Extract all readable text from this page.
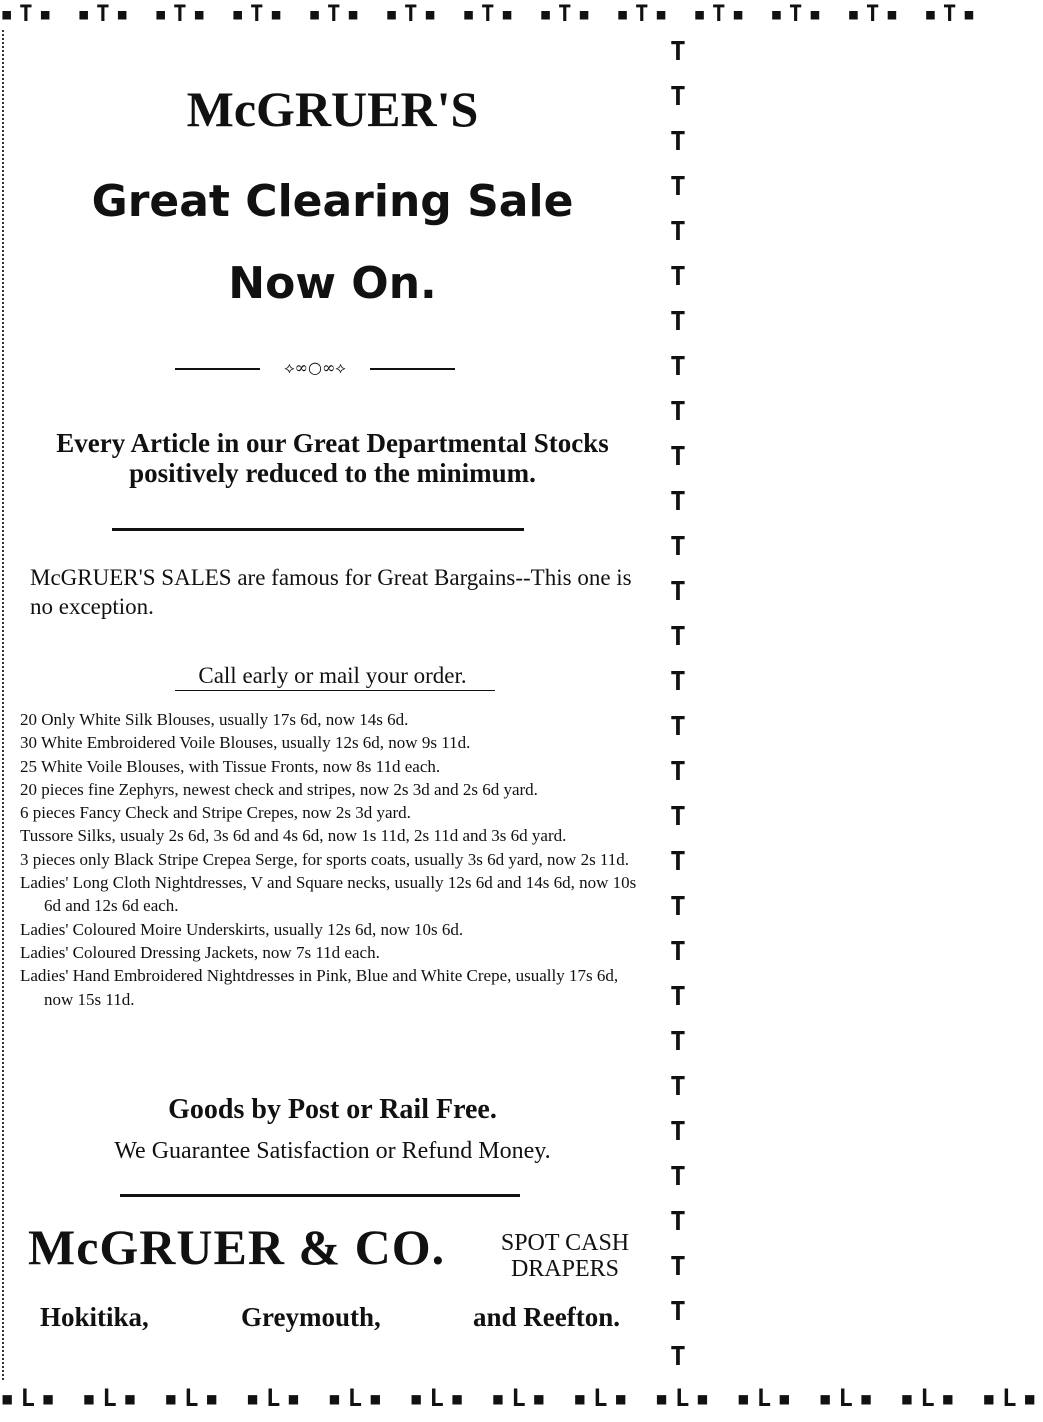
▪T▪ ▪T▪ ▪T▪ ▪T▪ ▪T▪ ▪T▪ ▪T▪ ▪T▪ ▪T▪ ▪T▪ ▪T▪ ▪T▪ ▪T▪
T T T T T T T T T T T T T T T T T T T T T T T T T T T T T T
▪L▪ ▪L▪ ▪L▪ ▪L▪ ▪L▪ ▪L▪ ▪L▪ ▪L▪ ▪L▪ ▪L▪ ▪L▪ ▪L▪ ▪L▪
McGRUER'S

Great Clearing Sale

Now On.

⟡∞○∞⟡

Every Article in our Great Departmental Stocks

positively reduced to the minimum.

McGRUER'S SALES are famous for Great Bargains--This one is no exception.

Call early or mail your order.

20 Only White Silk Blouses, usually 17s 6d, now 14s 6d.
30 White Embroidered Voile Blouses, usually 12s 6d, now 9s 11d.
25 White Voile Blouses, with Tissue Fronts, now 8s 11d each.
20 pieces fine Zephyrs, newest check and stripes, now 2s 3d and 2s 6d yard.
6 pieces Fancy Check and Stripe Crepes, now 2s 3d yard.
Tussore Silks, usualy 2s 6d, 3s 6d and 4s 6d, now 1s 11d, 2s 11d and 3s 6d yard.
3 pieces only Black Stripe Crepea Serge, for sports coats, usually 3s 6d yard, now 2s 11d.
Ladies' Long Cloth Nightdresses, V and Square necks, usually 12s 6d and 14s 6d, now 10s 6d and 12s 6d each.
Ladies' Coloured Moire Underskirts, usually 12s 6d, now 10s 6d.
Ladies' Coloured Dressing Jackets, now 7s 11d each.
Ladies' Hand Embroidered Nightdresses in Pink, Blue and White Crepe, usually 17s 6d, now 15s 11d.

Goods by Post or Rail Free.

We Guarantee Satisfaction or Refund Money.

McGRUER & CO.	SPOT CASH
DRAPERS
Hokitika,	Greymouth,	and Reefton.
